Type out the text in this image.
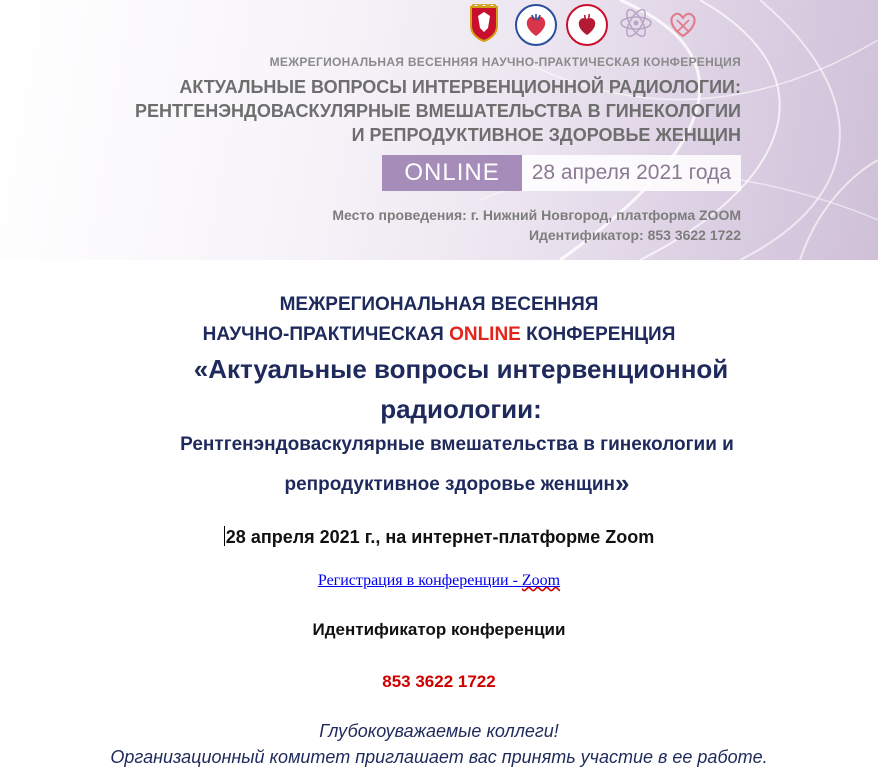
МЕЖРЕГИОНАЛЬНАЯ ВЕСЕННЯЯ НАУЧНО-ПРАКТИЧЕСКАЯ КОНФЕРЕНЦИЯ
АКТУАЛЬНЫЕ ВОПРОСЫ ИНТЕРВЕНЦИОННОЙ РАДИОЛОГИИ:
РЕНТГЕНЭНДОВАСКУЛЯРНЫЕ ВМЕШАТЕЛЬСТВА В ГИНЕКОЛОГИИ
И РЕПРОДУКТИВНОЕ ЗДОРОВЬЕ ЖЕНЩИН
ONLINE	28 апреля 2021 года
Место проведения: г. Нижний Новгород, платформа ZOOM
Идентификатор: 853 3622 1722
МЕЖРЕГИОНАЛЬНАЯ ВЕСЕННЯЯ
НАУЧНО-ПРАКТИЧЕСКАЯ ONLINE КОНФЕРЕНЦИЯ
«Актуальные вопросы интервенционной
радиологии:
Рентгенэндоваскулярные вмешательства в гинекологии и
репродуктивное здоровье женщин»
28 апреля 2021 г., на интернет-платформе Zoom
Регистрация в конференции - Zoom
Идентификатор конференции
853 3622 1722
Глубокоуважаемые коллеги!
Организационный комитет приглашает вас принять участие в ее работе.
